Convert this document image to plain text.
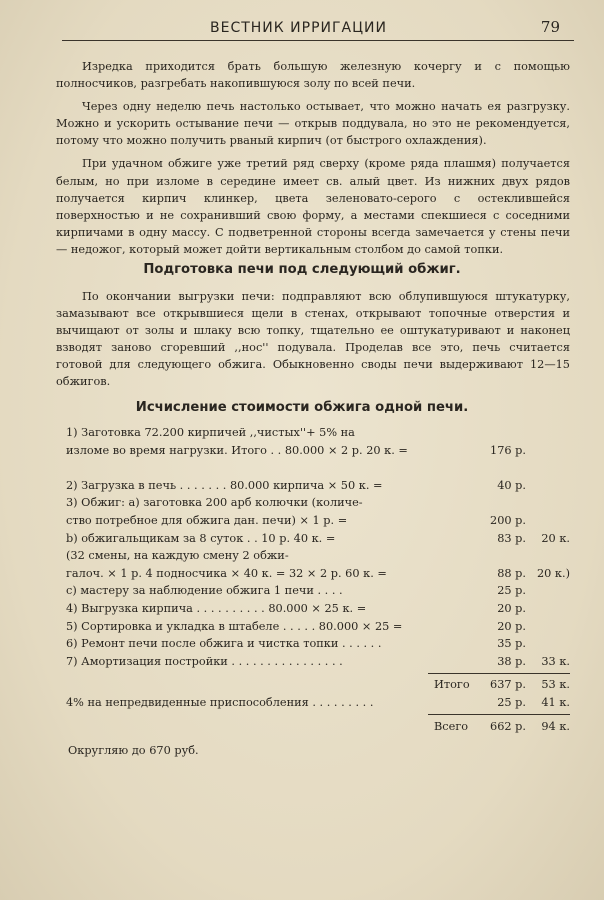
ВЕСТНИК ИРРИГАЦИИ	79

Изредка приходится брать большую железную кочергу и с помощью полносчиков, разгребать накопившуюся золу по всей печи.

Через одну неделю печь настолько остывает, что можно начать ея разгрузку. Можно и ускорить остывание печи — открыв поддувала, но это не рекомендуется, потому что можно получить рваный кирпич (от быстрого охлаждения).

При удачном обжиге уже третий ряд сверху (кроме ряда плашмя) получается белым, но при изломе в середине имеет св. алый цвет. Из нижних двух рядов получается кирпич клинкер, цвета зеленовато-серого с остеклившейся поверхностью и не сохранивший свою форму, а местами спекшиеся с соседними кирпичами в одну массу. С подветренной стороны всегда замечается у стены печи — недожог, который может дойти вертикальным столбом до самой топки.

Подготовка печи под следующий обжиг.

По окончании выгрузки печи: подправляют всю облупившуюся штукатурку, замазывают все открывшиеся щели в стенах, открывают топочные отверстия и вычищают от золы и шлаку всю топку, тщательно ее оштукатуривают и наконец взводят заново сгоревший ,,нос'' подувала. Проделав все это, печь считается готовой для следующего обжига. Обыкновенно своды печи выдерживают 12—15 обжигов.

Исчисление стоимости обжига одной печи.
1) Заготовка 72.200 кирпичей ,,чистых''+ 5% на
изломе во время нагрузки. Итого . . 80.000 × 2 р. 20 к. =	176 р.
2) Загрузка в печь . . . . . . . 80.000 кирпича × 50 к. =	40 р.
3) Обжиг: а) заготовка 200 арб колючки (количе-
ство потребное для обжига дан. печи) × 1 р. =	200 р.
b) обжигальщикам за 8 суток . . 10 р. 40 к. =	83 р. 20 к.
(32 смены, на каждую смену 2 обжи-
галоч. × 1 р. 4 подносчика × 40 к. = 32 × 2 р. 60 к. =	88 р. 20 к.)
с) мастеру за наблюдение обжига 1 печи . . . .	25 р.
4) Выгрузка кирпича . . . . . . . . . . 80.000 × 25 к. =	20 р.
5) Сортировка и укладка в штабеле . . . . . 80.000 × 25 =	20 р.
6) Ремонт печи после обжига и чистка топки . . . . . .	35 р.
7) Амортизация постройки . . . . . . . . . . . . . . . .	38 р. 33 к.
Итого 637 р. 53 к.
4% на непредвиденные приспособления . . . . . . . . .	25 р. 41 к.
Всего 662 р. 94 к.
Округляю до 670 руб.
